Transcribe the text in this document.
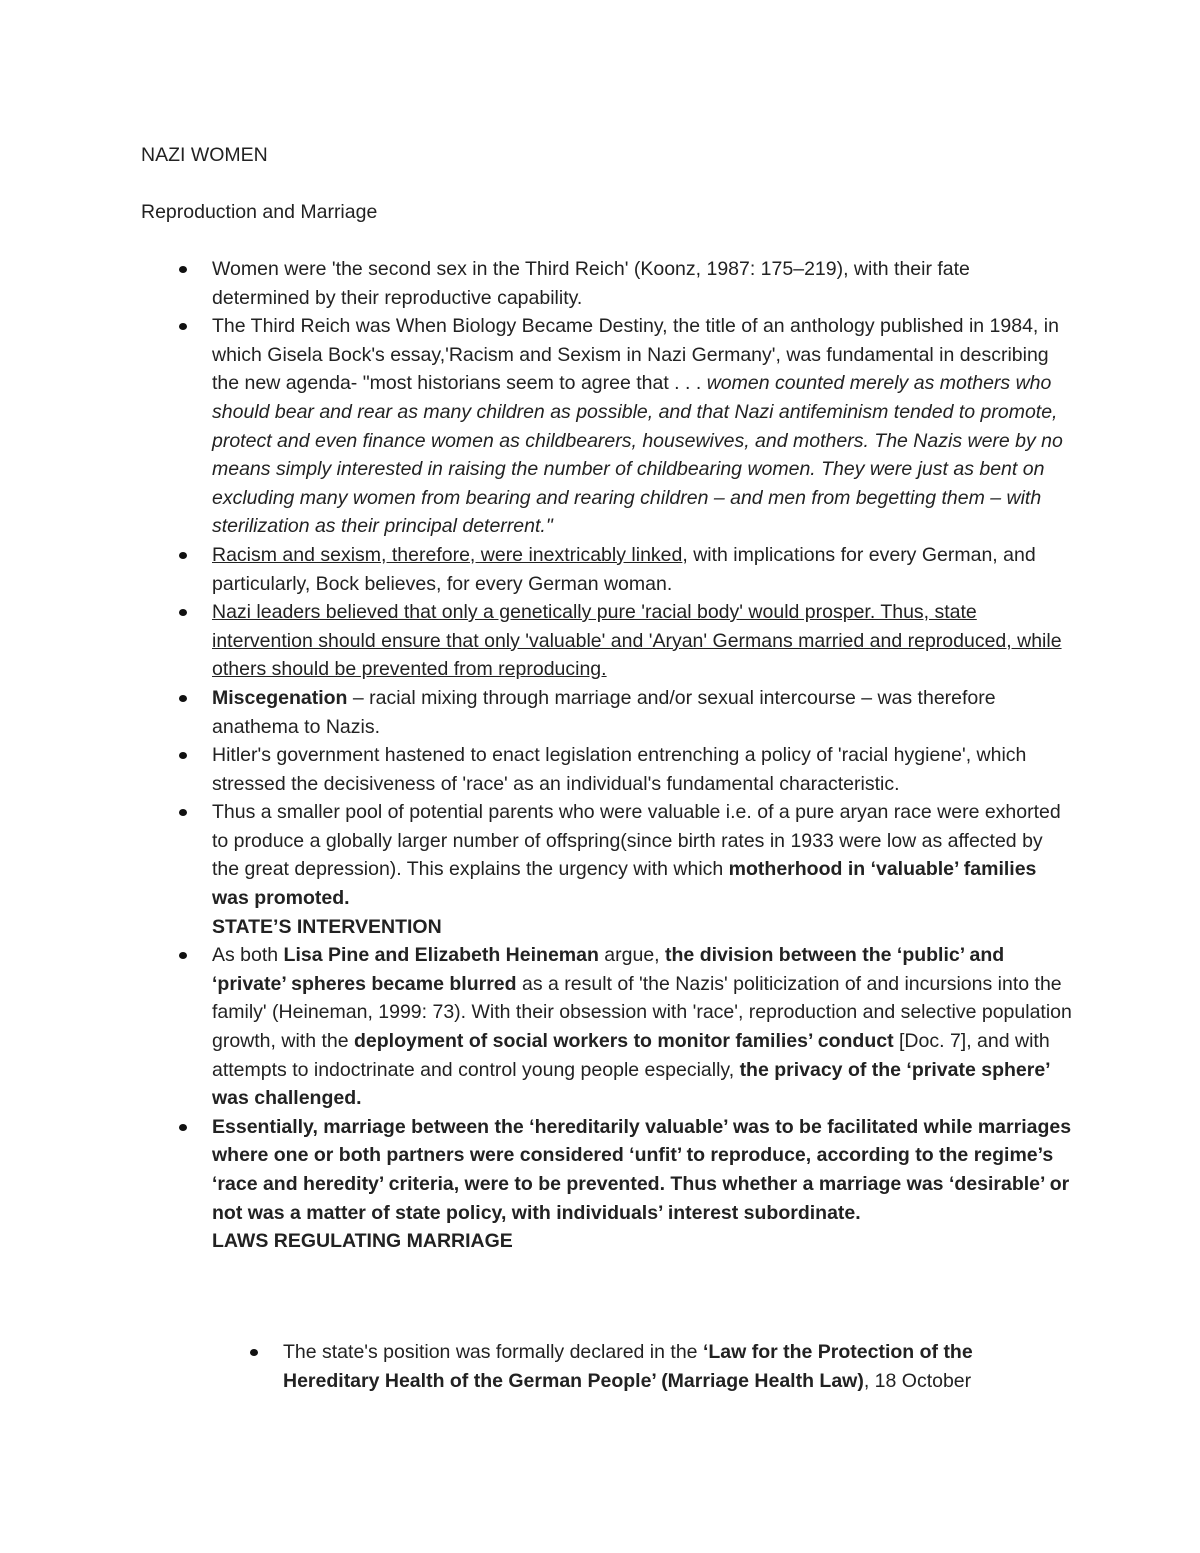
NAZI WOMEN
Reproduction and Marriage
Women were 'the second sex in the Third Reich' (Koonz, 1987: 175–219), with their fate determined by their reproductive capability.
The Third Reich was When Biology Became Destiny, the title of an anthology published in 1984, in which Gisela Bock's essay,'Racism and Sexism in Nazi Germany', was fundamental in describing the new agenda- "most historians seem to agree that . . . women counted merely as mothers who should bear and rear as many children as possible, and that Nazi antifeminism tended to promote, protect and even finance women as childbearers, housewives, and mothers. The Nazis were by no means simply interested in raising the number of childbearing women. They were just as bent on excluding many women from bearing and rearing children – and men from begetting them – with sterilization as their principal deterrent."
Racism and sexism, therefore, were inextricably linked, with implications for every German, and particularly, Bock believes, for every German woman.
Nazi leaders believed that only a genetically pure 'racial body' would prosper. Thus, state intervention should ensure that only 'valuable' and 'Aryan' Germans married and reproduced, while others should be prevented from reproducing.
Miscegenation – racial mixing through marriage and/or sexual intercourse – was therefore anathema to Nazis.
Hitler's government hastened to enact legislation entrenching a policy of 'racial hygiene', which stressed the decisiveness of 'race' as an individual's fundamental characteristic.
Thus a smaller pool of potential parents who were valuable i.e. of a pure aryan race were exhorted to produce a globally larger number of offspring(since birth rates in 1933 were low as affected by the great depression). This explains the urgency with which motherhood in ‘valuable’ families was promoted.
STATE’S INTERVENTION
As both Lisa Pine and Elizabeth Heineman argue, the division between the ‘public’ and ‘private’ spheres became blurred as a result of 'the Nazis' politicization of and incursions into the family' (Heineman, 1999: 73). With their obsession with 'race', reproduction and selective population growth, with the deployment of social workers to monitor families’ conduct [Doc. 7], and with attempts to indoctrinate and control young people especially, the privacy of the ‘private sphere’ was challenged.
Essentially, marriage between the ‘hereditarily valuable’ was to be facilitated while marriages where one or both partners were considered ‘unfit’ to reproduce, according to the regime’s ‘race and heredity’ criteria, were to be prevented. Thus whether a marriage was ‘desirable’ or not was a matter of state policy, with individuals’ interest subordinate.
LAWS REGULATING MARRIAGE
The state's position was formally declared in the ‘Law for the Protection of the Hereditary Health of the German People’ (Marriage Health Law), 18 October
